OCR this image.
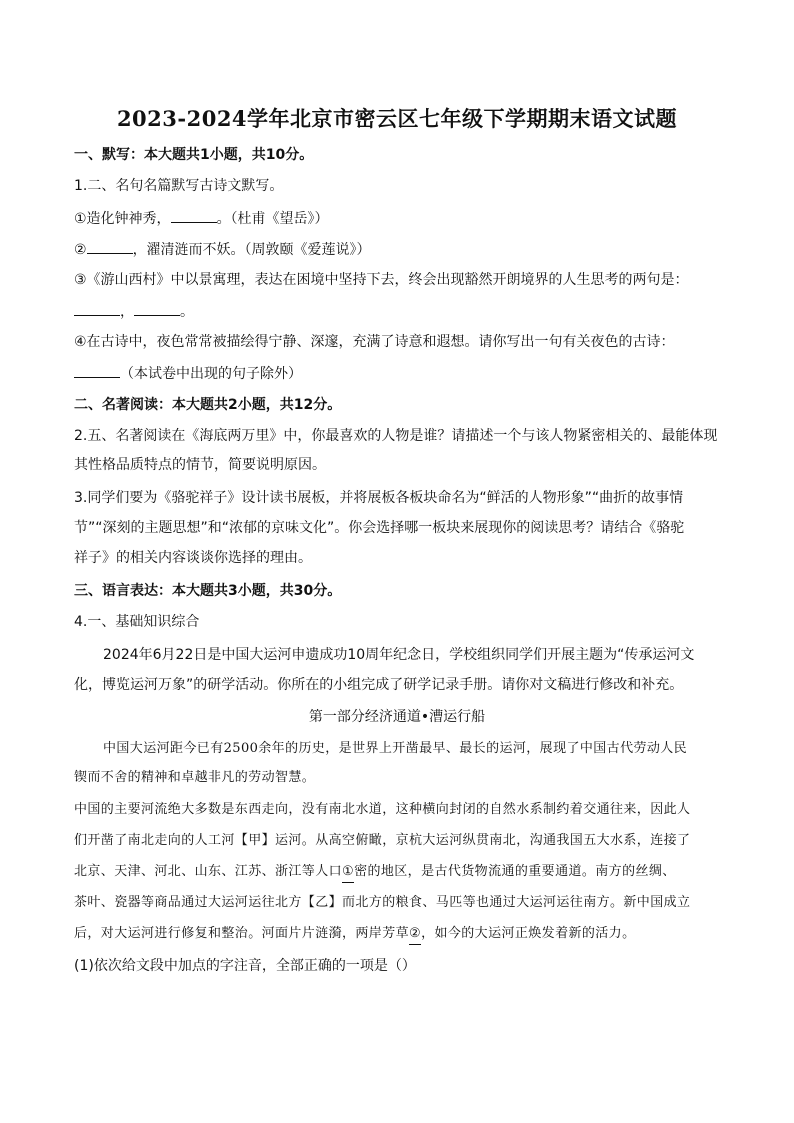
2023-2024学年北京市密云区七年级下学期期末语文试题
一、默写：本大题共1小题，共10分。
1.二、名句名篇默写古诗文默写。
①造化钟神秀，	。（杜甫《望岳》）
②	，濯清涟而不妖。（周敦颐《爱莲说》）
③《游山西村》中以景寓理，表达在困境中坚持下去，终会出现豁然开朗境界的人生思考的两句是：
，	。
④在古诗中，夜色常常被描绘得宁静、深邃，充满了诗意和遐想。请你写出一句有关夜色的古诗：
（本试卷中出现的句子除外）
二、名著阅读：本大题共2小题，共12分。
2.五、名著阅读在《海底两万里》中，你最喜欢的人物是谁？请描述一个与该人物紧密相关的、最能体现
其性格品质特点的情节，简要说明原因。
3.同学们要为《骆驼祥子》设计读书展板，并将展板各板块命名为“鲜活的人物形象”“曲折的故事情
节”“深刻的主题思想”和“浓郁的京味文化”。你会选择哪一板块来展现你的阅读思考？请结合《骆驼
祥子》的相关内容谈谈你选择的理由。
三、语言表达：本大题共3小题，共30分。
4.一、基础知识综合
2024年6月22日是中国大运河申遗成功10周年纪念日，学校组织同学们开展主题为“传承运河文
化，博览运河万象”的研学活动。你所在的小组完成了研学记录手册。请你对文稿进行修改和补充。
第一部分经济通道•漕运行船
中国大运河距今已有2500余年的历史，是世界上开凿最早、最长的运河，展现了中国古代劳动人民
锲而不舍的精神和卓越非凡的劳动智慧。
中国的主要河流绝大多数是东西走向，没有南北水道，这种横向封闭的自然水系制约着交通往来，因此人
们开凿了南北走向的人工河【甲】运河。从高空俯瞰，京杭大运河纵贯南北，沟通我国五大水系，连接了
北京、天津、河北、山东、江苏、浙江等人口①密的地区，是古代货物流通的重要通道。南方的丝绸、
茶叶、瓷器等商品通过大运河运往北方【乙】而北方的粮食、马匹等也通过大运河运往南方。新中国成立
后，对大运河进行修复和整治。河面片片涟漪，两岸芳草②，如今的大运河正焕发着新的活力。
(1)依次给文段中加点的字注音，全部正确的一项是（）
